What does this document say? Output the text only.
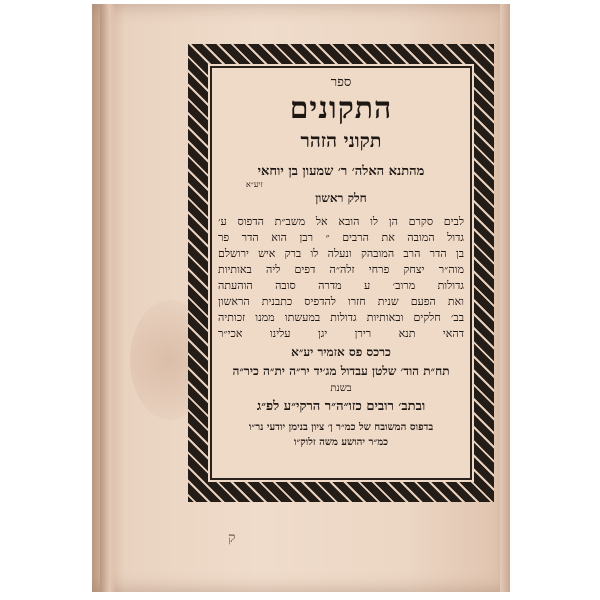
ספר
התקונים
תקוני הזהר
מהתנא האלה׳ ר׳ שמעון בן יוחאי
זיע״א
חלק ראשון
לבים סקרם הן לו הובא אל משב״ת הדפוס ע׳
גדול המובה את הרבים ״ רבן הוא הדר פר
בן הדר הרב המובהק ונעלה לו ברק איש ירושלם
מוה״ר יצחק פרחי זלה״ה דפים ליה באותיות
גדולות מרוב׳ ע מדרה סובה הוהעתה
ואת הפעם שנית חזרו להדפיס כתבנית הראשון
בב׳ חלקים ובאותיות גדולות במעשתו ממנו זכותיה
דהאי תנא רירן יגן עלינו אכי״ר
כרכס פס אזמיר יע״א
תח״ת הוד׳ שלטן עבדול מג׳יד יר״ה ית״ה כיר״ה
בשנת
ובתב׳ רובים כזו״ה״ר הרקי״ע לפ״ג
בדפוס המשובח של כמ״ר ן׳ ציון בנימן יודעי נר״ו
כמ״ר יהושע משה זלוק״ו
ק
